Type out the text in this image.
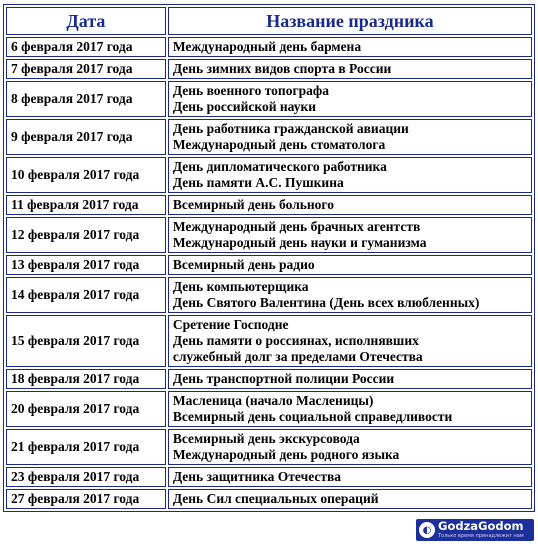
Дата	Название праздника
6 февраля 2017 года	Международный день бармена

7 февраля 2017 года	День зимних видов спорта в России

8 февраля 2017 года	День военного топографа
День российской науки

9 февраля 2017 года	День работника гражданской авиации
Международный день стоматолога

10 февраля 2017 года	День дипломатического работника
День памяти А.С. Пушкина

11 февраля 2017 года	Всемирный день больного

12 февраля 2017 года	Международный день брачных агентств
Международный день науки и гуманизма

13 февраля 2017 года	Всемирный день радио

14 февраля 2017 года	День компьютерщика
День Святого Валентина (День всех влюбленных)

15 февраля 2017 года	Сретение Господне
День памяти о россиянах, исполнявших
служебный долг за пределами Отечества

18 февраля 2017 года	День транспортной полиции России

20 февраля 2017 года	Масленица (начало Масленицы)
Всемирный день социальной справедливости

21 февраля 2017 года	Всемирный день экскурсовода
Международный день родного языка

23 февраля 2017 года	День защитника Отечества

27 февраля 2017 года	День Сил специальных операций
◐ GodzaGodom
Только время принадлежит нам
